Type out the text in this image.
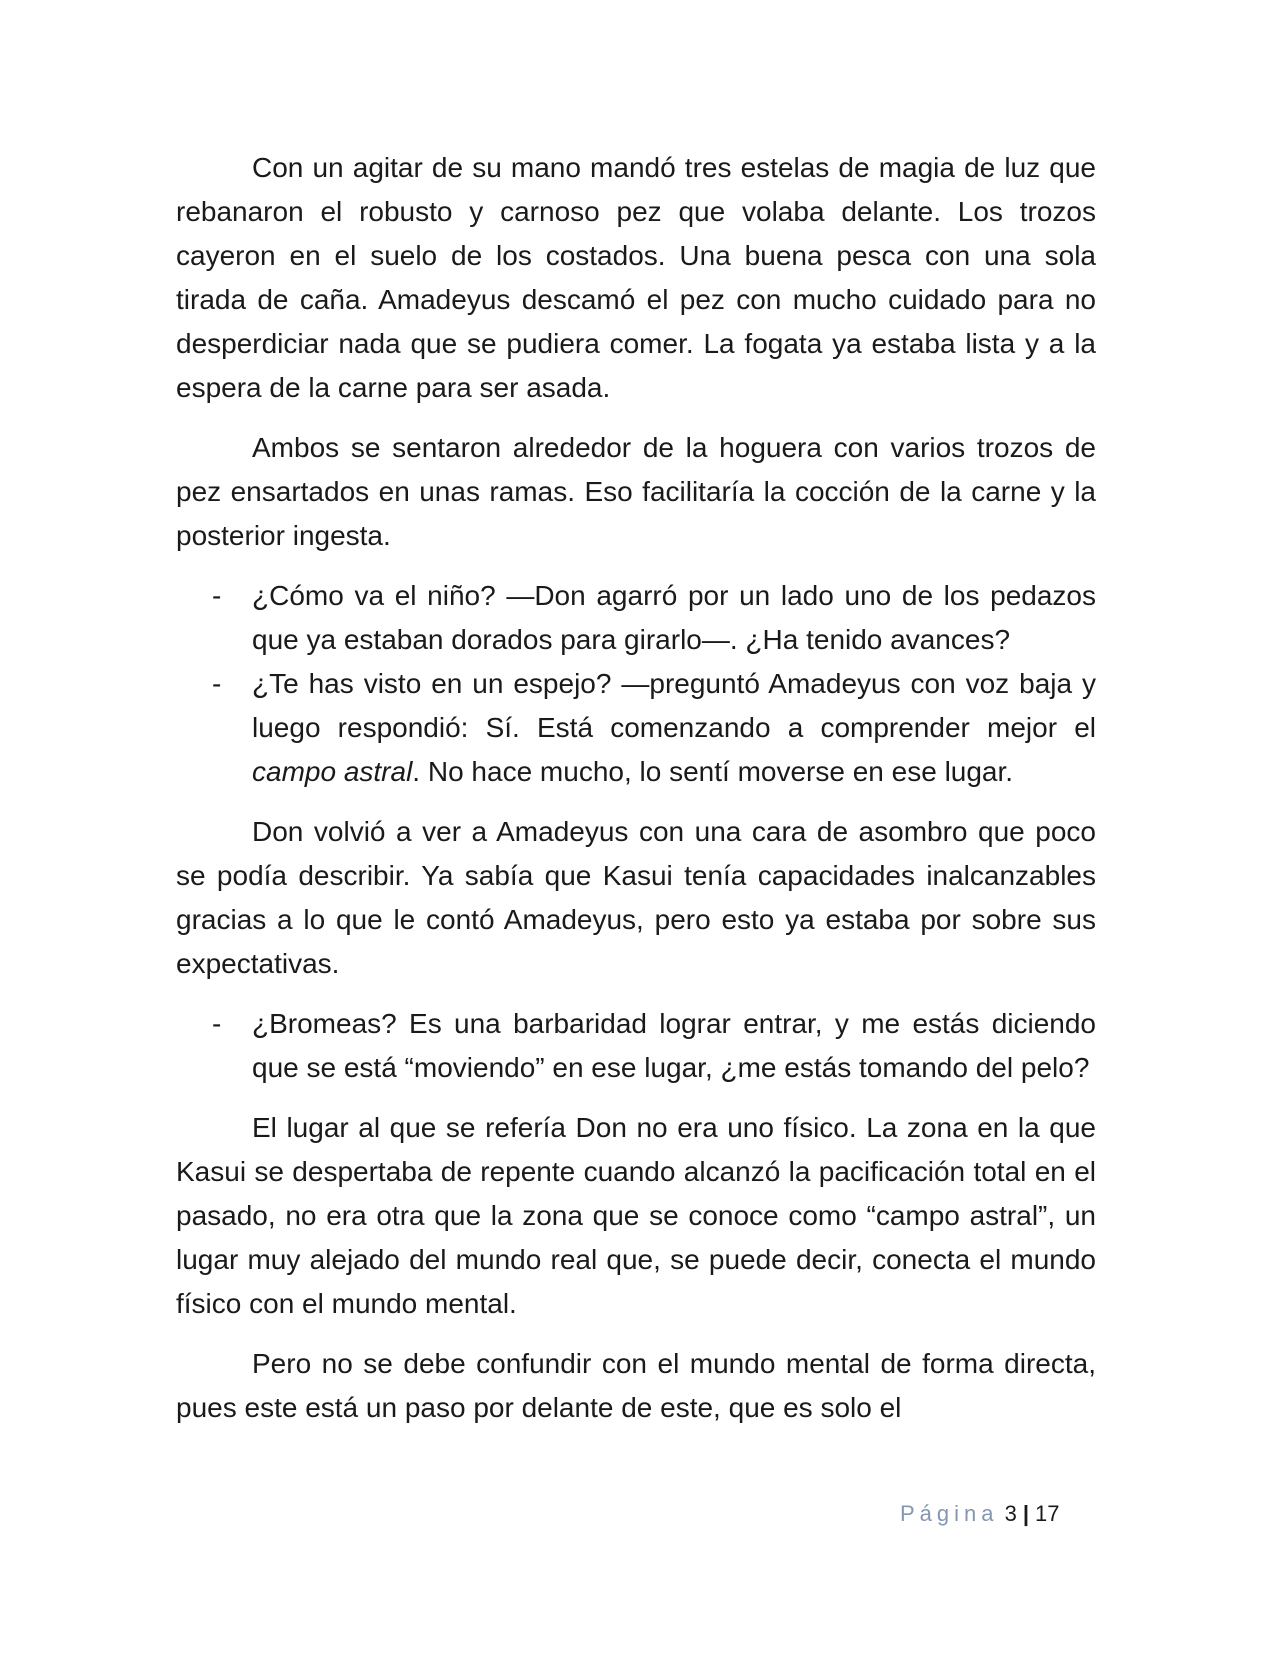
Con un agitar de su mano mandó tres estelas de magia de luz que rebanaron el robusto y carnoso pez que volaba delante. Los trozos cayeron en el suelo de los costados. Una buena pesca con una sola tirada de caña. Amadeyus descamó el pez con mucho cuidado para no desperdiciar nada que se pudiera comer. La fogata ya estaba lista y a la espera de la carne para ser asada.

Ambos se sentaron alrededor de la hoguera con varios trozos de pez ensartados en unas ramas. Eso facilitaría la cocción de la carne y la posterior ingesta.

- ¿Cómo va el niño? —Don agarró por un lado uno de los pedazos que ya estaban dorados para girarlo—. ¿Ha tenido avances?
- ¿Te has visto en un espejo? —preguntó Amadeyus con voz baja y luego respondió: Sí. Está comenzando a comprender mejor el campo astral. No hace mucho, lo sentí moverse en ese lugar.

Don volvió a ver a Amadeyus con una cara de asombro que poco se podía describir. Ya sabía que Kasui tenía capacidades inalcanzables gracias a lo que le contó Amadeyus, pero esto ya estaba por sobre sus expectativas.

- ¿Bromeas? Es una barbaridad lograr entrar, y me estás diciendo que se está “moviendo” en ese lugar, ¿me estás tomando del pelo?

El lugar al que se refería Don no era uno físico. La zona en la que Kasui se despertaba de repente cuando alcanzó la pacificación total en el pasado, no era otra que la zona que se conoce como “campo astral”, un lugar muy alejado del mundo real que, se puede decir, conecta el mundo físico con el mundo mental.

Pero no se debe confundir con el mundo mental de forma directa, pues este está un paso por delante de este, que es solo el

Página 3 | 17
